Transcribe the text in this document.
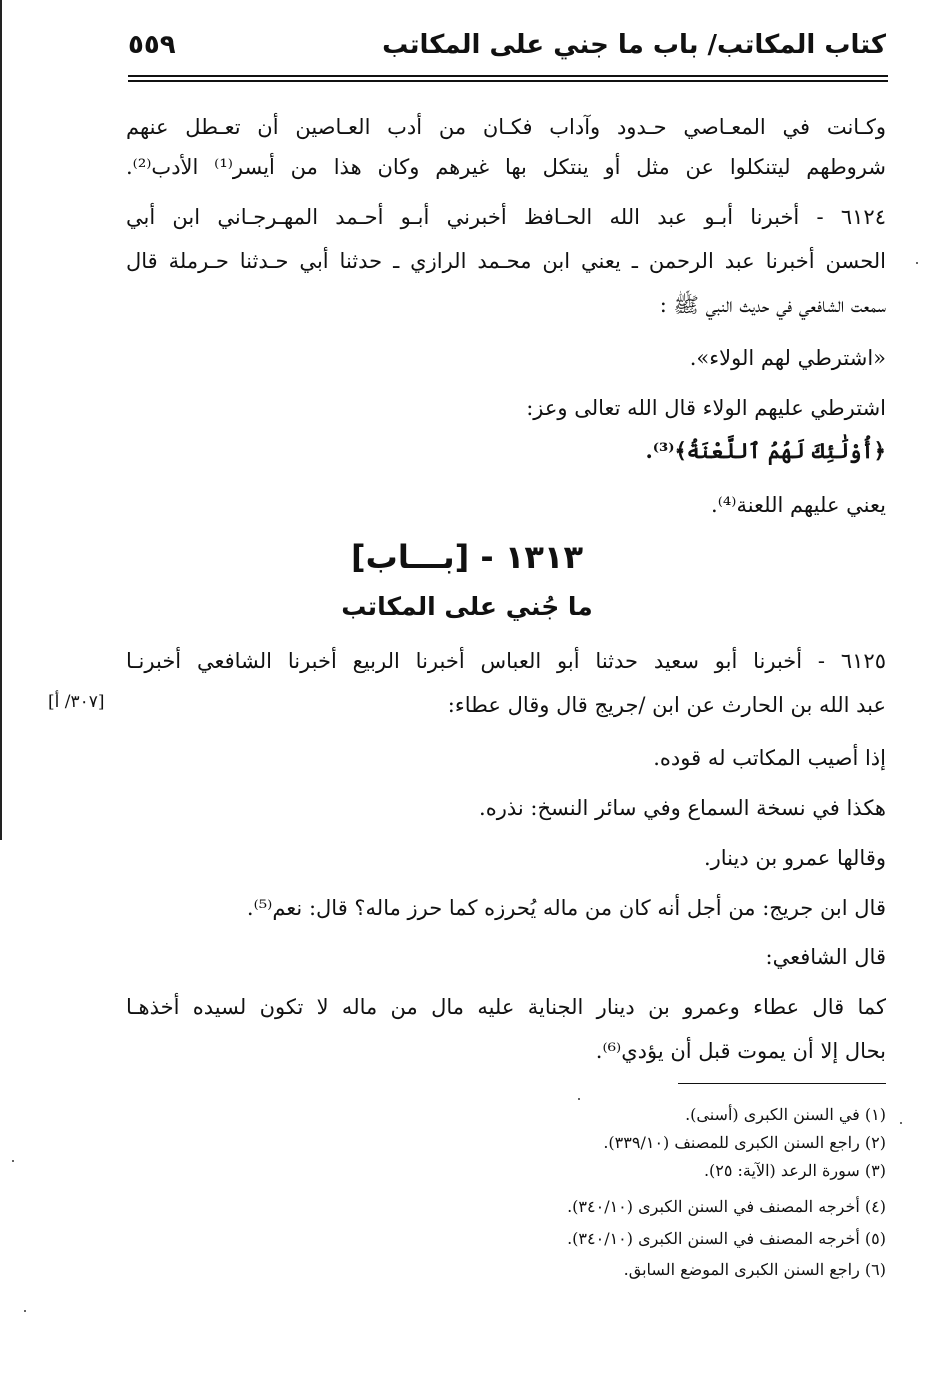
كتاب المكاتب/ باب ما جني على المكاتب
٥٥٩
وكـانت في المعـاصي حـدود وآداب فكـان من أدب العـاصين أن تعـطل عنهم
شروطهم ليتنكلوا عن مثل أو ينتكل بها غيرهم وكان هذا من أيسر⁽¹⁾ الأدب⁽²⁾.
٦١٢٤ - أخبرنا أبـو عبد الله الحـافظ أخبرني أبـو أحـمد المهـرجـاني ابن أبي
الحسن أخبرنا عبد الرحمن ـ يعني ابن محـمد الرازي ـ حدثنا أبي حـدثنا حـرملة قال
سمعت الشافعي في حديث النبي ﷺ :
«اشترطي لهم الولاء».
اشترطي عليهم الولاء قال الله تعالى وعز:
﴿أُوْلَٰئِكَ لَهُمُ ٱللَّعْنَةُ﴾⁽³⁾.
يعني عليهم اللعنة⁽⁴⁾.
١٣١٣ - [بـــاب]
ما جُني على المكاتب
٦١٢٥ - أخبرنا أبو سعيد حدثنا أبو العباس أخبرنا الربيع أخبرنا الشافعي أخبرنـا
عبد الله بن الحارث عن ابن /جريج قال وقال عطاء:
[٣٠٧/ أ]
إذا أصيب المكاتب له قوده.
هكذا في نسخة السماع وفي سائر النسخ: نذره.
وقالها عمرو بن دينار.
قال ابن جريج: من أجل أنه كان من ماله يُحرزه كما حرز ماله؟ قال: نعم⁽⁵⁾.
قال الشافعي:
كما قال عطاء وعمرو بن دينار الجناية عليه مال من ماله لا تكون لسيده أخذهـا
بحال إلا أن يموت قبل أن يؤدي⁽⁶⁾.
(١) في السنن الكبرى (أسنى).
(٢) راجع السنن الكبرى للمصنف (٣٣٩/١٠).
(٣) سورة الرعد (الآية: ٢٥).
(٤) أخرجه المصنف في السنن الكبرى (٣٤٠/١٠).
(٥) أخرجه المصنف في السنن الكبرى (٣٤٠/١٠).
(٦) راجع السنن الكبرى الموضع السابق.
